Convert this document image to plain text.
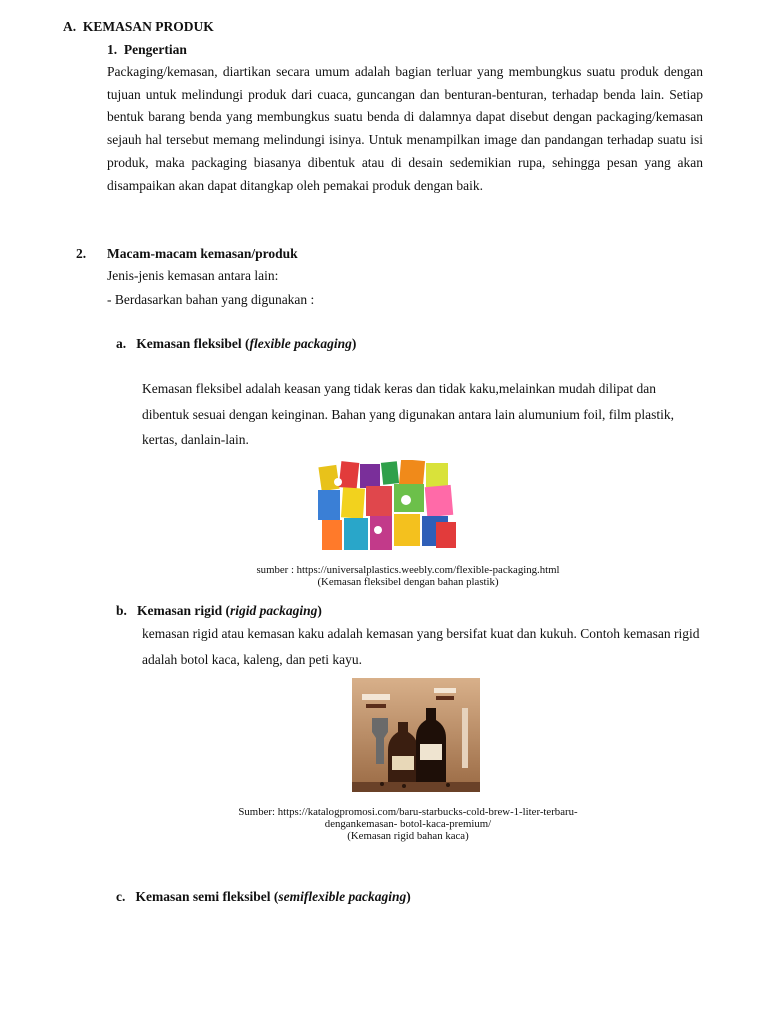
A. KEMASAN PRODUK
1. Pengertian
Packaging/kemasan, diartikan secara umum adalah bagian terluar yang membungkus suatu produk dengan tujuan untuk melindungi produk dari cuaca, guncangan dan benturan-benturan, terhadap benda lain. Setiap bentuk barang benda yang membungkus suatu benda di dalamnya dapat disebut dengan packaging/kemasan sejauh hal tersebut memang melindungi isinya. Untuk menampilkan image dan pandangan terhadap suatu isi produk, maka packaging biasanya dibentuk atau di desain sedemikian rupa, sehingga pesan yang akan disampaikan akan dapat ditangkap oleh pemakai produk dengan baik.
2. Macam-macam kemasan/produk
Jenis-jenis kemasan antara lain:
- Berdasarkan bahan yang digunakan :
a. Kemasan fleksibel (flexible packaging)
Kemasan fleksibel adalah keasan yang tidak keras dan tidak kaku,melainkan mudah dilipat dan dibentuk sesuai dengan keinginan. Bahan yang digunakan antara lain alumunium foil, film plastik, kertas, danlain-lain.
sumber : https://universalplastics.weebly.com/flexible-packaging.html
(Kemasan fleksibel dengan bahan plastik)
b. Kemasan rigid (rigid packaging)
kemasan rigid atau kemasan kaku adalah kemasan yang bersifat kuat dan kukuh. Contoh kemasan rigid adalah botol kaca, kaleng, dan peti kayu.
Sumber: https://katalogpromosi.com/baru-starbucks-cold-brew-1-liter-terbaru-
dengankemasan- botol-kaca-premium/
(Kemasan rigid bahan kaca)
c. Kemasan semi fleksibel (semiflexible packaging)
